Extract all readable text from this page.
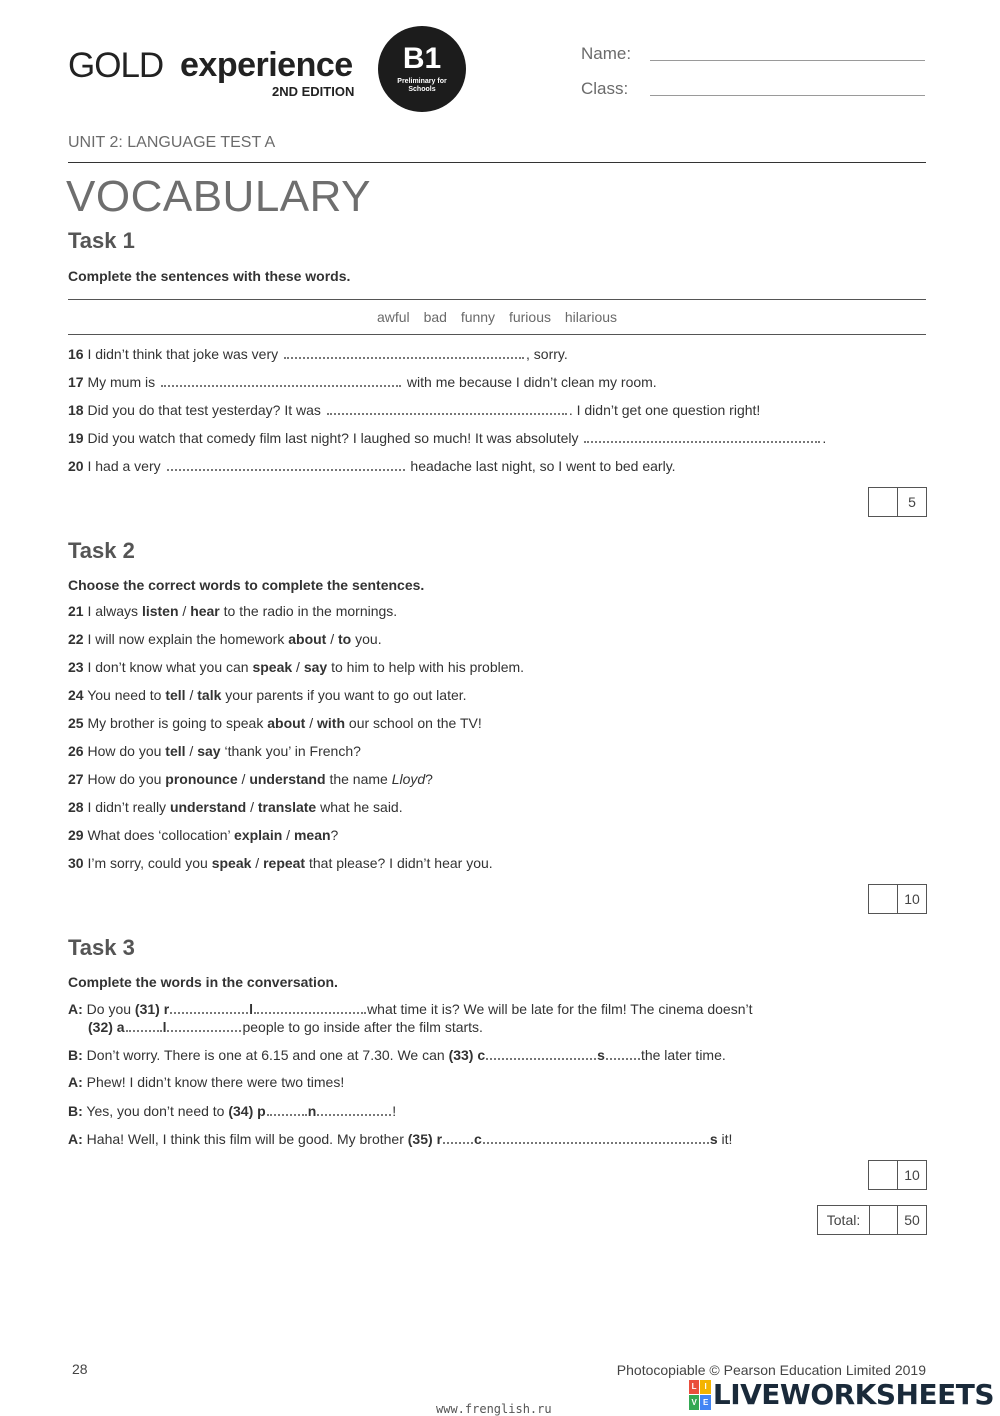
GOLD experience
2ND EDITION
B1
Preliminary for Schools
Name:
Class:
UNIT 2: LANGUAGE TEST A
VOCABULARY
Task 1
Complete the sentences with these words.
awful bad funny furious hilarious
16 I didn’t think that joke was very	, sorry.
17 My mum is	with me because I didn’t clean my room.
18 Did you do that test yesterday? It was	. I didn’t get one question right!
19 Did you watch that comedy film last night? I laughed so much! It was absolutely	.
20 I had a very	headache last night, so I went to bed early.
5
Task 2
Choose the correct words to complete the sentences.
21 I always listen / hear to the radio in the mornings.
22 I will now explain the homework about / to you.
23 I don’t know what you can speak / say to him to help with his problem.
24 You need to tell / talk your parents if you want to go out later.
25 My brother is going to speak about / with our school on the TV!
26 How do you tell / say ‘thank you’ in French?
27 How do you pronounce / understand the name Lloyd?
28 I didn’t really understand / translate what he said.
29 What does ‘collocation’ explain / mean?
30 I’m sorry, could you speak / repeat that please? I didn’t hear you.
10
Task 3
Complete the words in the conversation.
A: Do you (31) r	l	what time it is? We will be late for the film! The cinema doesn’t
(32) a	l	people to go inside after the film starts.
B: Don’t worry. There is one at 6.15 and one at 7.30. We can (33) c	s	the later time.
A: Phew! I didn’t know there were two times!
B: Yes, you don’t need to (34) p	n	!
A: Haha! Well, I think this film will be good. My brother (35) r c	s it!
10
Total:	50
28	Photocopiable © Pearson Education Limited 2019
L I
V E LIVEWORKSHEETS
www.frenglish.ru
